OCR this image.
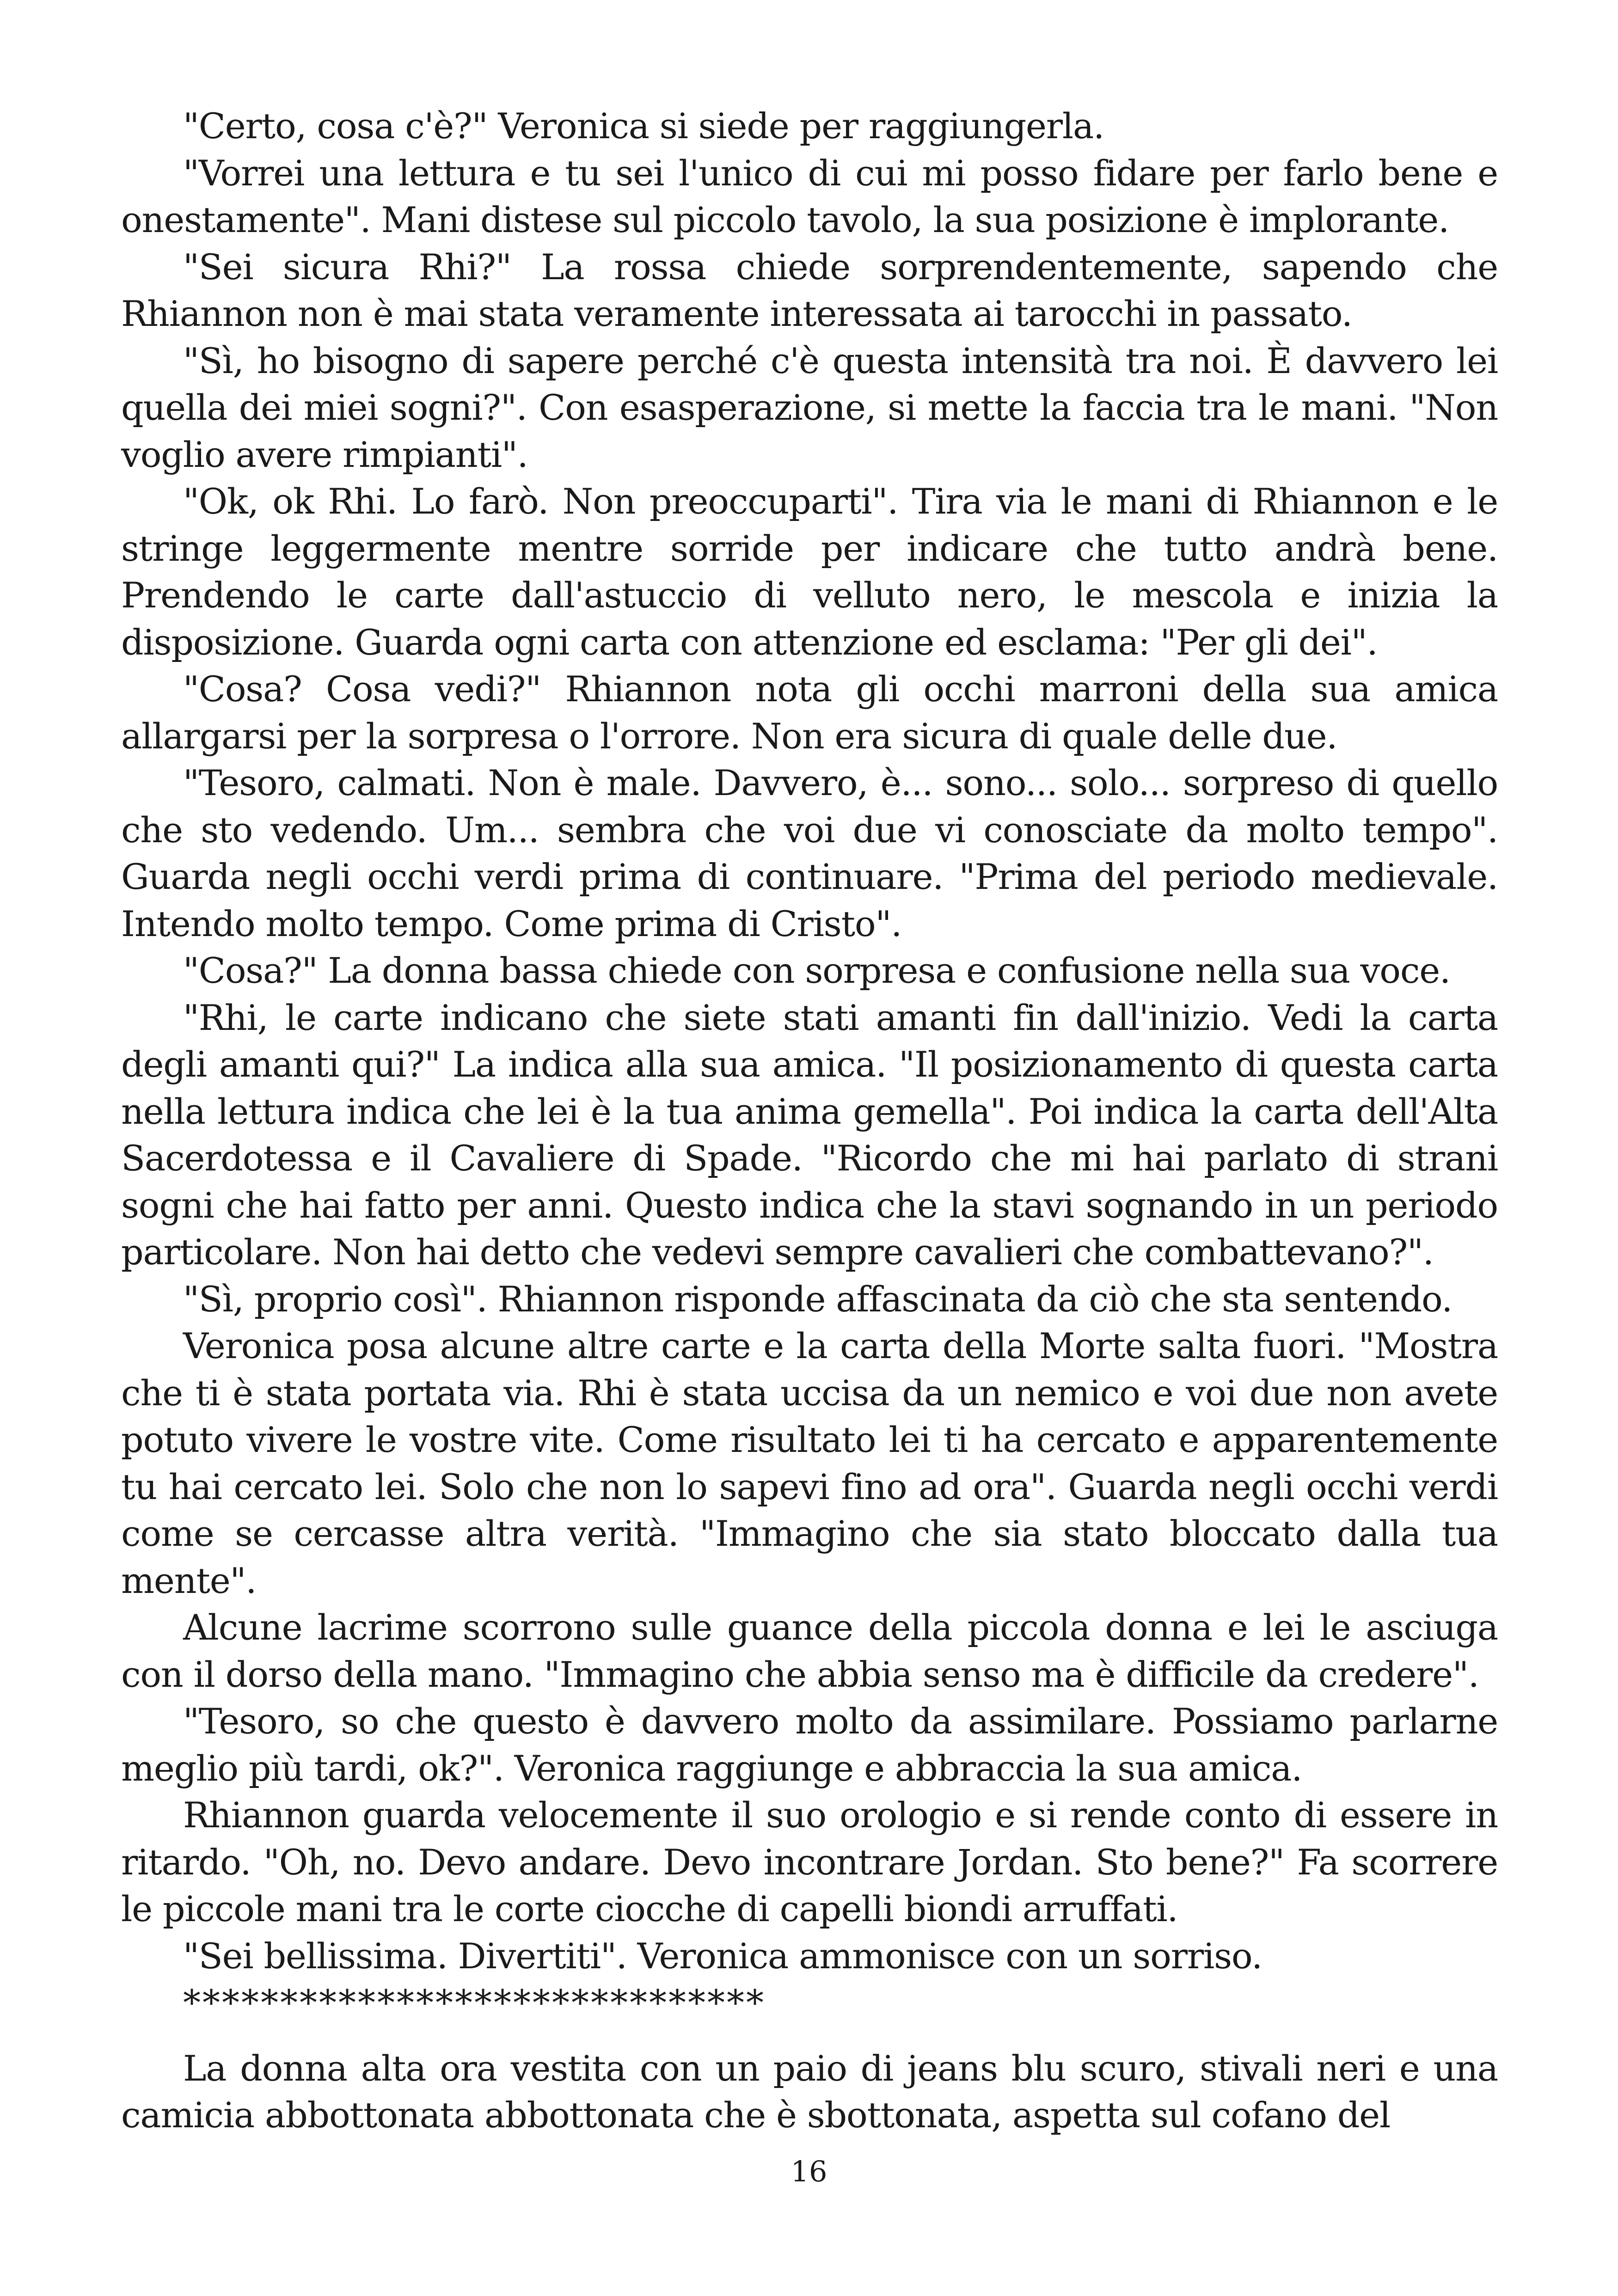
"Certo, cosa c'è?" Veronica si siede per raggiungerla.

"Vorrei una lettura e tu sei l'unico di cui mi posso fidare per farlo bene e onestamente". Mani distese sul piccolo tavolo, la sua posizione è implorante.

"Sei sicura Rhi?" La rossa chiede sorprendentemente, sapendo che Rhiannon non è mai stata veramente interessata ai tarocchi in passato.

"Sì, ho bisogno di sapere perché c'è questa intensità tra noi. È davvero lei quella dei miei sogni?". Con esasperazione, si mette la faccia tra le mani. "Non voglio avere rimpianti".

"Ok, ok Rhi. Lo farò. Non preoccuparti". Tira via le mani di Rhiannon e le stringe leggermente mentre sorride per indicare che tutto andrà bene. Prendendo le carte dall'astuccio di velluto nero, le mescola e inizia la disposizione. Guarda ogni carta con attenzione ed esclama: "Per gli dei".

"Cosa? Cosa vedi?" Rhiannon nota gli occhi marroni della sua amica allargarsi per la sorpresa o l'orrore. Non era sicura di quale delle due.

"Tesoro, calmati. Non è male. Davvero, è... sono... solo... sorpreso di quello che sto vedendo. Um... sembra che voi due vi conosciate da molto tempo". Guarda negli occhi verdi prima di continuare. "Prima del periodo medievale. Intendo molto tempo. Come prima di Cristo".

"Cosa?" La donna bassa chiede con sorpresa e confusione nella sua voce.

"Rhi, le carte indicano che siete stati amanti fin dall'inizio. Vedi la carta degli amanti qui?" La indica alla sua amica. "Il posizionamento di questa carta nella lettura indica che lei è la tua anima gemella". Poi indica la carta dell'Alta Sacerdotessa e il Cavaliere di Spade. "Ricordo che mi hai parlato di strani sogni che hai fatto per anni. Questo indica che la stavi sognando in un periodo particolare. Non hai detto che vedevi sempre cavalieri che combattevano?".

"Sì, proprio così". Rhiannon risponde affascinata da ciò che sta sentendo.

Veronica posa alcune altre carte e la carta della Morte salta fuori. "Mostra che ti è stata portata via. Rhi è stata uccisa da un nemico e voi due non avete potuto vivere le vostre vite. Come risultato lei ti ha cercato e apparentemente tu hai cercato lei. Solo che non lo sapevi fino ad ora". Guarda negli occhi verdi come se cercasse altra verità. "Immagino che sia stato bloccato dalla tua mente".

Alcune lacrime scorrono sulle guance della piccola donna e lei le asciuga con il dorso della mano. "Immagino che abbia senso ma è difficile da credere".

"Tesoro, so che questo è davvero molto da assimilare. Possiamo parlarne meglio più tardi, ok?". Veronica raggiunge e abbraccia la sua amica.

Rhiannon guarda velocemente il suo orologio e si rende conto di essere in ritardo. "Oh, no. Devo andare. Devo incontrare Jordan. Sto bene?" Fa scorrere le piccole mani tra le corte ciocche di capelli biondi arruffati.

"Sei bellissima. Divertiti". Veronica ammonisce con un sorriso.

******************************

La donna alta ora vestita con un paio di jeans blu scuro, stivali neri e una camicia abbottonata abbottonata che è sbottonata, aspetta sul cofano del

16
